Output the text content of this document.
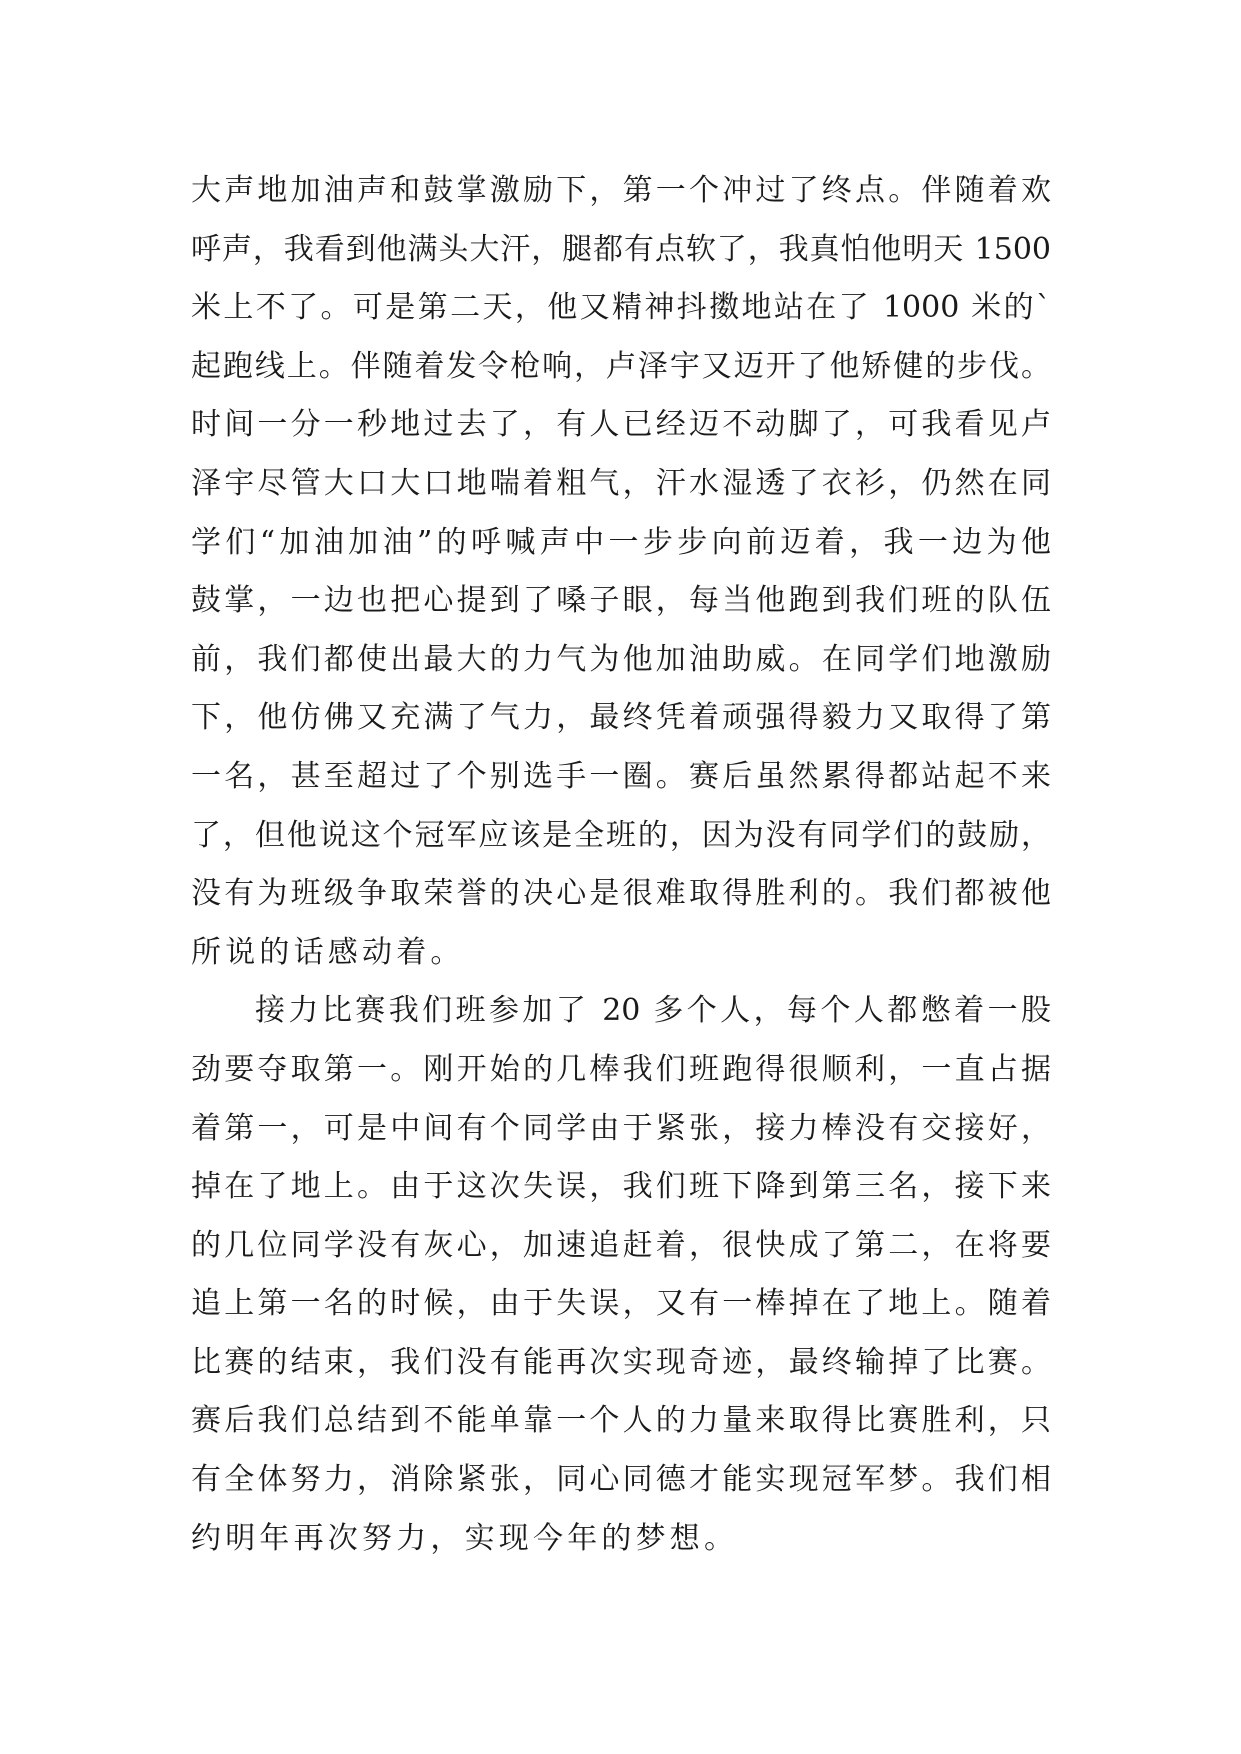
大声地加油声和鼓掌激励下，第一个冲过了终点。伴随着欢
呼声，我看到他满头大汗，腿都有点软了，我真怕他明天 1500
米上不了。可是第二天，他又精神抖擞地站在了 1000 米的`
起跑线上。伴随着发令枪响，卢泽宇又迈开了他矫健的步伐。
时间一分一秒地过去了，有人已经迈不动脚了，可我看见卢
泽宇尽管大口大口地喘着粗气，汗水湿透了衣衫，仍然在同
学们“加油加油”的呼喊声中一步步向前迈着，我一边为他
鼓掌，一边也把心提到了嗓子眼，每当他跑到我们班的队伍
前，我们都使出最大的力气为他加油助威。在同学们地激励
下，他仿佛又充满了气力，最终凭着顽强得毅力又取得了第
一名，甚至超过了个别选手一圈。赛后虽然累得都站起不来
了，但他说这个冠军应该是全班的，因为没有同学们的鼓励，
没有为班级争取荣誉的决心是很难取得胜利的。我们都被他
所说的话感动着。
接力比赛我们班参加了 20 多个人，每个人都憋着一股
劲要夺取第一。刚开始的几棒我们班跑得很顺利，一直占据
着第一，可是中间有个同学由于紧张，接力棒没有交接好，
掉在了地上。由于这次失误，我们班下降到第三名，接下来
的几位同学没有灰心，加速追赶着，很快成了第二，在将要
追上第一名的时候，由于失误，又有一棒掉在了地上。随着
比赛的结束，我们没有能再次实现奇迹，最终输掉了比赛。
赛后我们总结到不能单靠一个人的力量来取得比赛胜利，只
有全体努力，消除紧张，同心同德才能实现冠军梦。我们相
约明年再次努力，实现今年的梦想。
